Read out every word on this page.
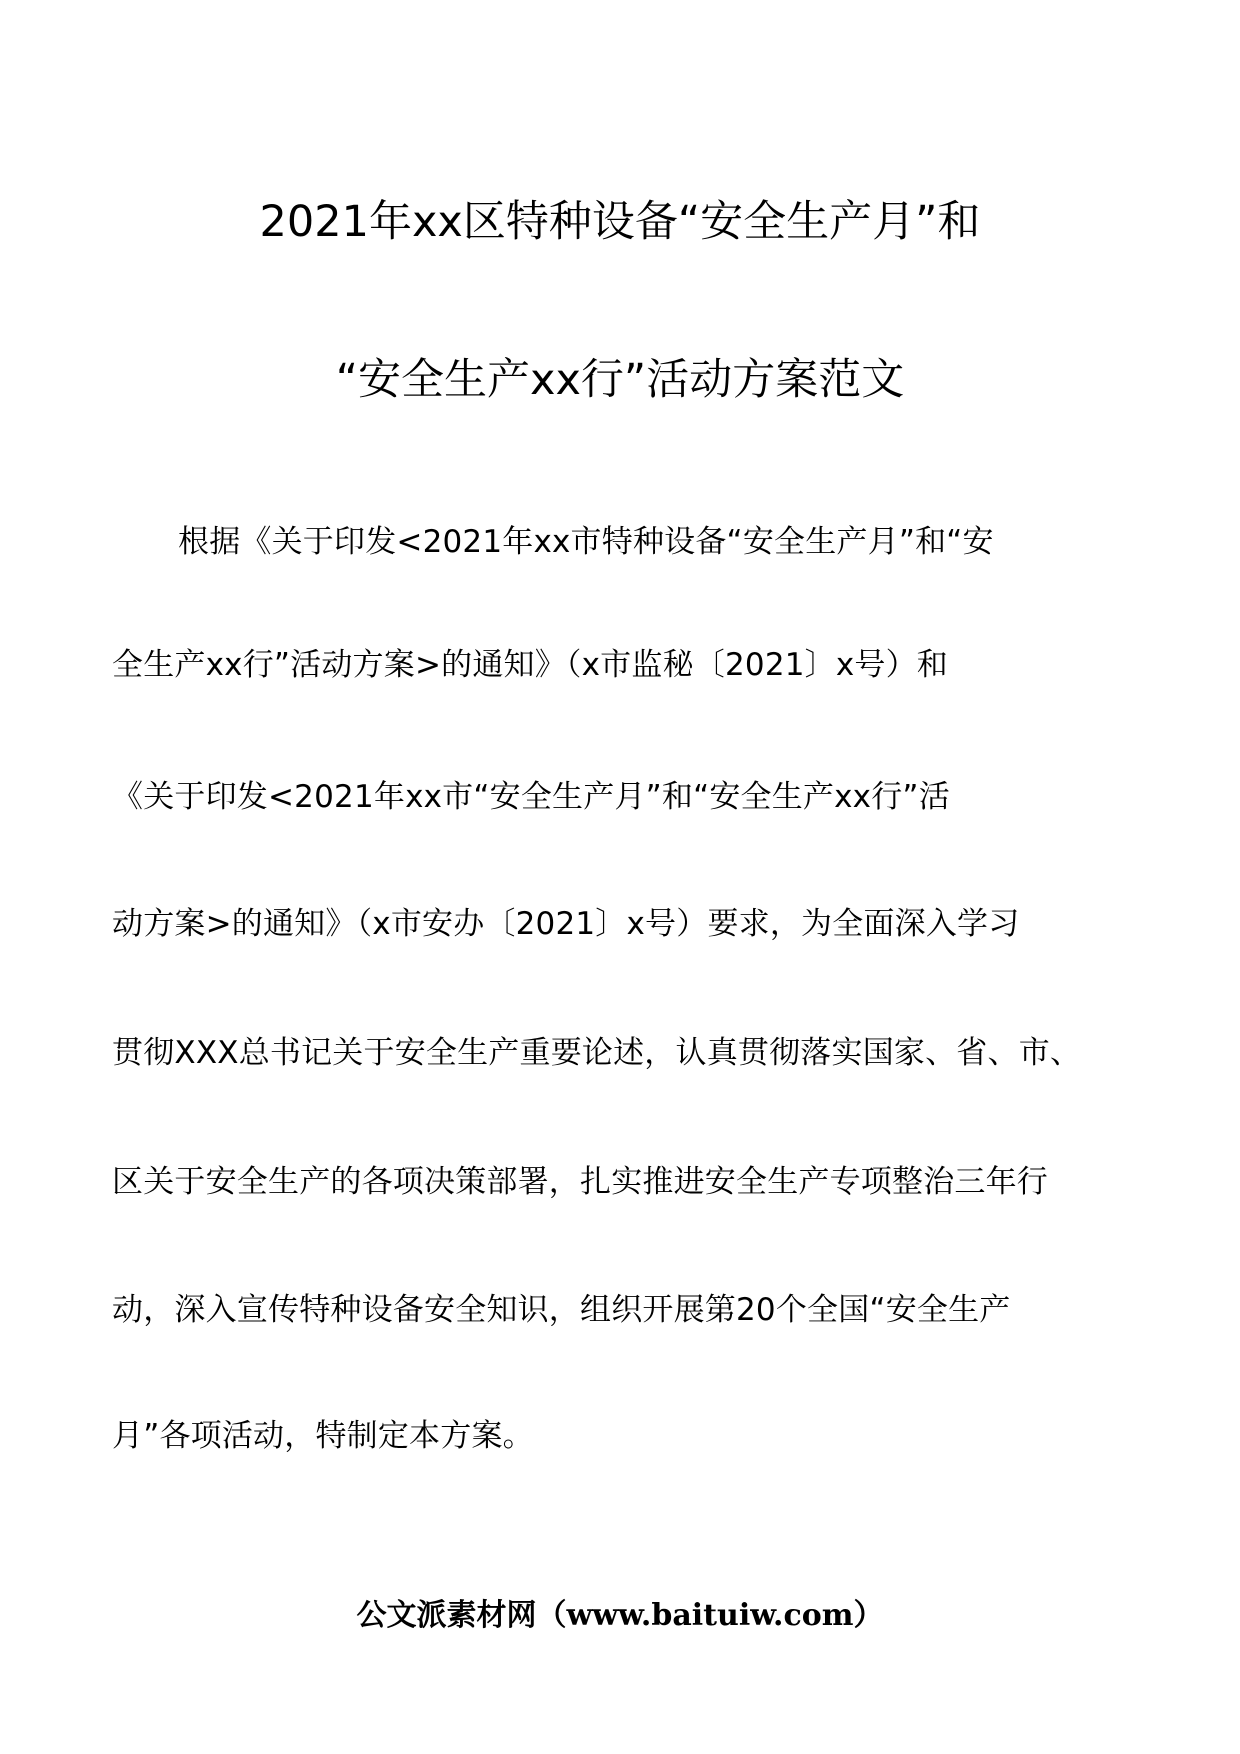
2021年xx区特种设备“安全生产月”和
“安全生产xx行”活动方案范文
根据《关于印发<2021年xx市特种设备“安全生产月”和“安
全生产xx行”活动方案>的通知》（x市监秘〔2021〕x号）和
《关于印发<2021年xx市“安全生产月”和“安全生产xx行”活
动方案>的通知》（x市安办〔2021〕x号）要求，为全面深入学习
贯彻XXX总书记关于安全生产重要论述，认真贯彻落实国家、省、市、
区关于安全生产的各项决策部署，扎实推进安全生产专项整治三年行
动，深入宣传特种设备安全知识，组织开展第20个全国“安全生产
月”各项活动，特制定本方案。
公文派素材网（www.baituiw.com）
